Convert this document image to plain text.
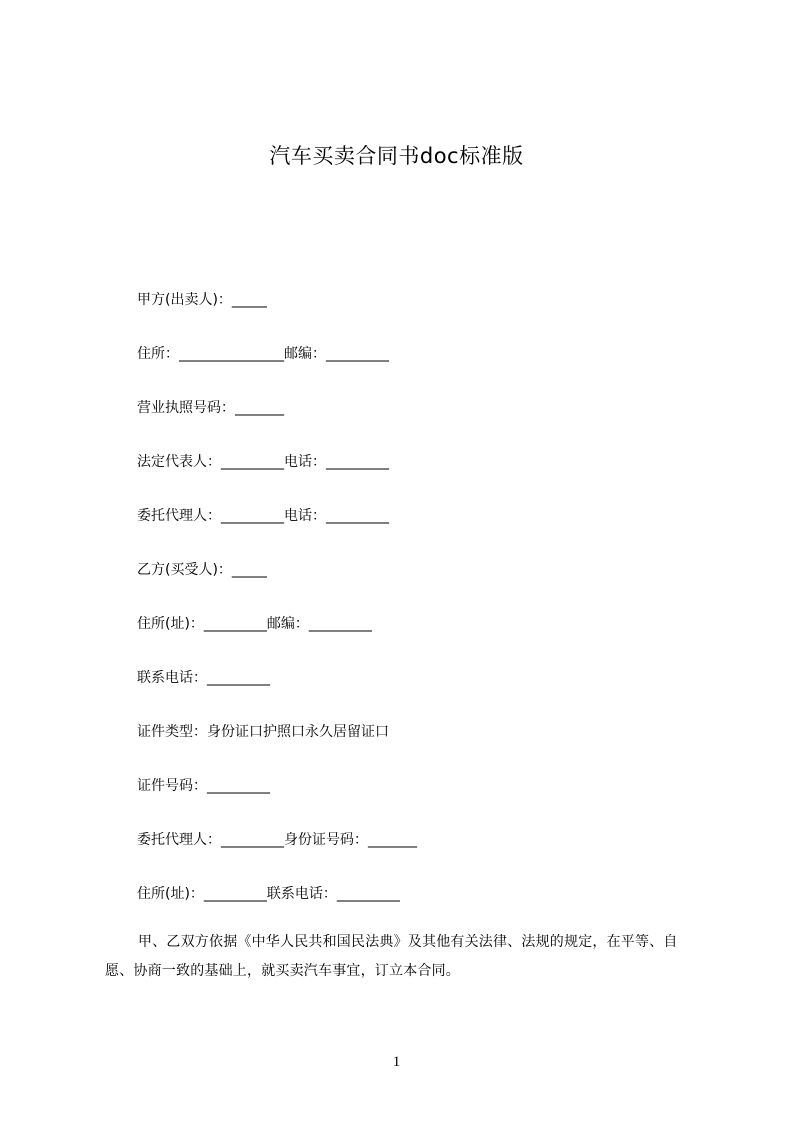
汽车买卖合同书doc标准版
甲方(出卖人)：_____
住所：_______________邮编：_________
营业执照号码：_______
法定代表人：_________电话：_________
委托代理人：_________电话：_________
乙方(买受人)：_____
住所(址)：_________邮编：_________
联系电话：_________
证件类型：身份证口护照口永久居留证口
证件号码：_________
委托代理人：_________身份证号码：_______
住所(址)：_________联系电话：_________
甲、乙双方依据《中华人民共和国民法典》及其他有关法律、法规的规定，在平等、自愿、协商一致的基础上，就买卖汽车事宜，订立本合同。
1
